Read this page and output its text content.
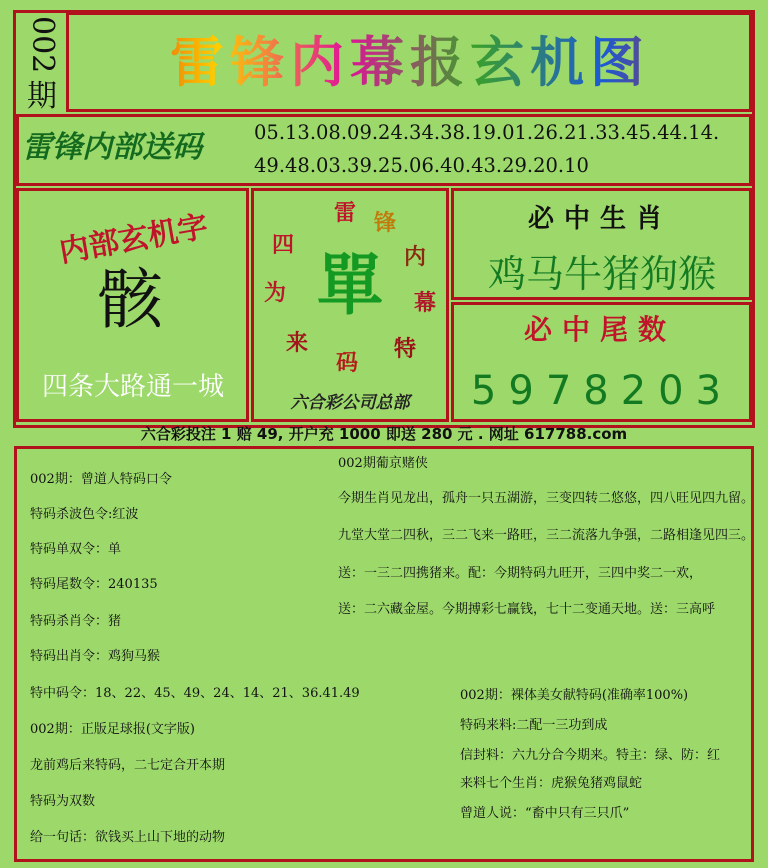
002
期
雷锋内幕报玄机图
雷锋内部送码	05.13.08.09.24.34.38.19.01.26.21.33.45.44.14.
49.48.03.39.25.06.40.43.29.20.10
内部玄机字
骸
四条大路通一城
雷 锋
内
幕
特
码
来
为
四
單
六合彩公司总部
必中生肖
鸡马牛猪狗猴
必中尾数
5978203
六合彩投注 1 赔 49, 开户充 1000 即送 280 元 . 网址 617788.com
002期：曾道人特码口令
特码杀波色令:红波
特码单双令：单
特码尾数令：240135
特码杀肖令：猪
特码出肖令：鸡狗马猴
特中码令：18、22、45、49、24、14、21、36.41.49
002期：正版足球报(文字版)
龙前鸡后来特码，二七定合开本期
特码为双数
给一句话：欲钱买上山下地的动物
002期葡京赌侠
今期生肖见龙出，孤舟一只五湖游，三变四转二悠悠，四八旺见四九留。
九堂大堂二四秋，三二飞来一路旺，三二流落九争强，二路相逢见四三。
送：一三二四携猪来。配：今期特码九旺开，三四中奖二一欢，
送：二六藏金屋。今期搏彩七赢钱，七十二变通天地。送：三高呼
002期：裸体美女献特码(准确率100%)
特码来料:二配一三功到成
信封料：六九分合今期来。特主：绿、防：红
来料七个生肖：虎猴兔猪鸡鼠蛇
曾道人说：“畜中只有三只爪”
